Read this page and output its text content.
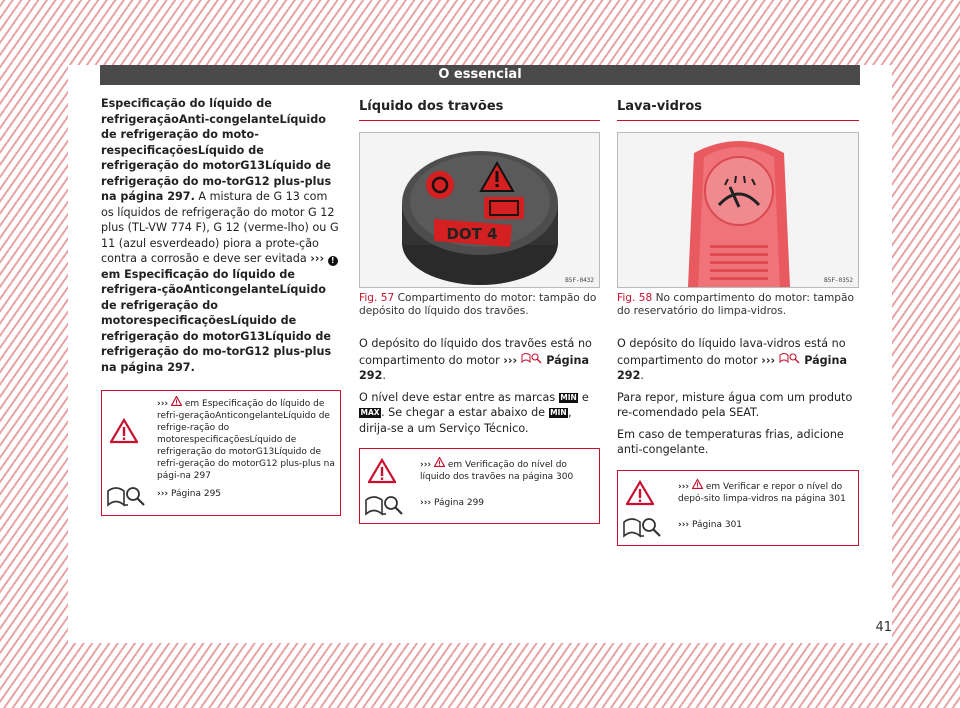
O essencial
Especificação do líquido de refrigeraçãoAnti-congelanteLíquido de refrigeração do moto-respecificaçõesLíquido de refrigeração do motorG13Líquido de refrigeração do mo-torG12 plus-plus na página 297. A mistura de G 13 com os líquidos de refrigeração do motor G 12 plus (TL-VW 774 F), G 12 (verme-lho) ou G 11 (azul esverdeado) piora a prote-ção contra a corrosão e deve ser evitada ››› ! em Especificação do líquido de refrigera-çãoAnticongelanteLíquido de refrigeração do motorespecificaçõesLíquido de refrigeração do motorG13Líquido de refrigeração do mo-torG12 plus-plus na página 297.
››› em Especificação do líquido de refri-geraçãoAnticongelanteLíquido de refrige-ração do motorespecificaçõesLíquido de refrigeração do motorG13Líquido de refri-geração do motorG12 plus-plus na pági-na 297
››› Página 295
Líquido dos travões
DOT 4
B5F-0432
Fig. 57 Compartimento do motor: tampão do depósito do líquido dos travões.

O depósito do líquido dos travões está no compartimento do motor ›››	Página 292.

O nível deve estar entre as marcas MIN e MAX . Se chegar a estar abaixo de MIN , dirija-se a um Serviço Técnico.

››› em Verificação do nível do líquido dos travões na página 300
››› Página 299
Lava-vidros
B5F-0352
Fig. 58 No compartimento do motor: tampão do reservatório do limpa-vidros.

O depósito do líquido lava-vidros está no compartimento do motor ›››	Página 292.

Para repor, misture água com um produto re-comendado pela SEAT.

Em caso de temperaturas frias, adicione anti-congelante.

››› em Verificar e repor o nível do depó-sito limpa-vidros na página 301
››› Página 301
41
